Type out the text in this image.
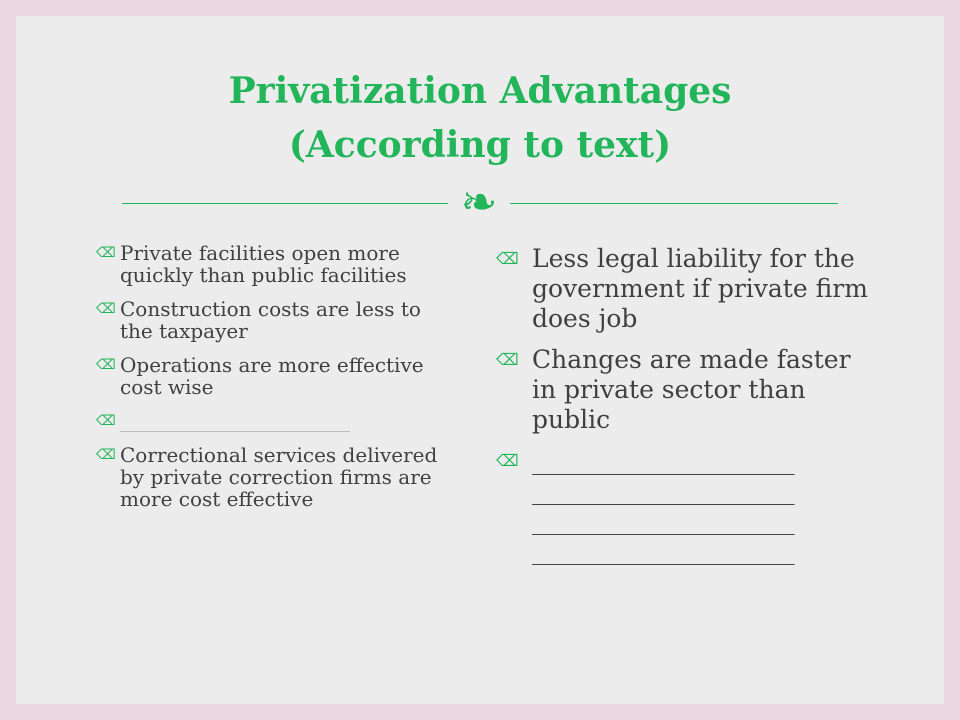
Privatization Advantages
(According to text)
❧
⌫ Private facilities open more quickly than public facilities
⌫ Construction costs are less to the taxpayer
⌫ Operations are more effective cost wise
⌫ _______________________
⌫ Correctional services delivered by private correction firms are more cost effective
⌫ Less legal liability for the government if private firm does job
⌫ Changes are made faster in private sector than public
⌫ _____________________
_____________________
_____________________
_____________________
